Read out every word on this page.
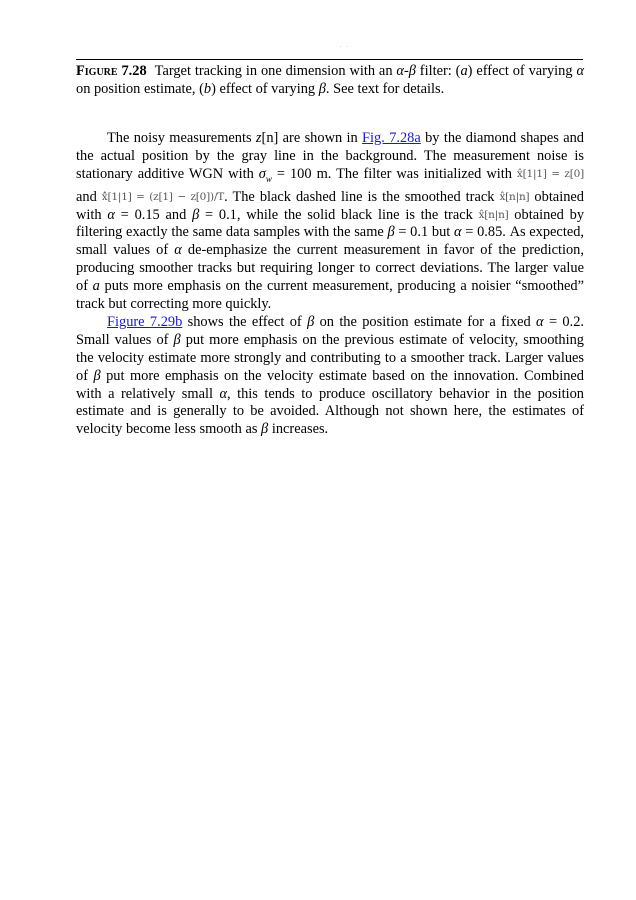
. .
Figure 7.28 Target tracking in one dimension with an α-β filter: (a) effect of varying α on position estimate, (b) effect of varying β. See text for details.

The noisy measurements z[n] are shown in Fig. 7.28a by the diamond shapes and the actual position by the gray line in the background. The measurement noise is stationary additive WGN with $\sigma_w = 100$ m. The filter was initialized with x̂[1|1] = z[0] and x̂̇[1|1] = (z[1] − z[0])/T. The black dashed line is the smoothed track x̂[n|n] obtained with α = 0.15 and β = 0.1, while the solid black line is the track x̂[n|n] obtained by filtering exactly the same data samples with the same β = 0.1 but α = 0.85. As expected, small values of α de-emphasize the current measurement in favor of the prediction, producing smoother tracks but requiring longer to correct deviations. The larger value of a puts more emphasis on the current measurement, producing a noisier “smoothed” track but correcting more quickly.

Figure 7.29b shows the effect of β on the position estimate for a fixed α = 0.2. Small values of β put more emphasis on the previous estimate of velocity, smoothing the velocity estimate more strongly and contributing to a smoother track. Larger values of β put more emphasis on the velocity estimate based on the innovation. Combined with a relatively small α, this tends to produce oscillatory behavior in the position estimate and is generally to be avoided. Although not shown here, the estimates of velocity become less smooth as β increases.
